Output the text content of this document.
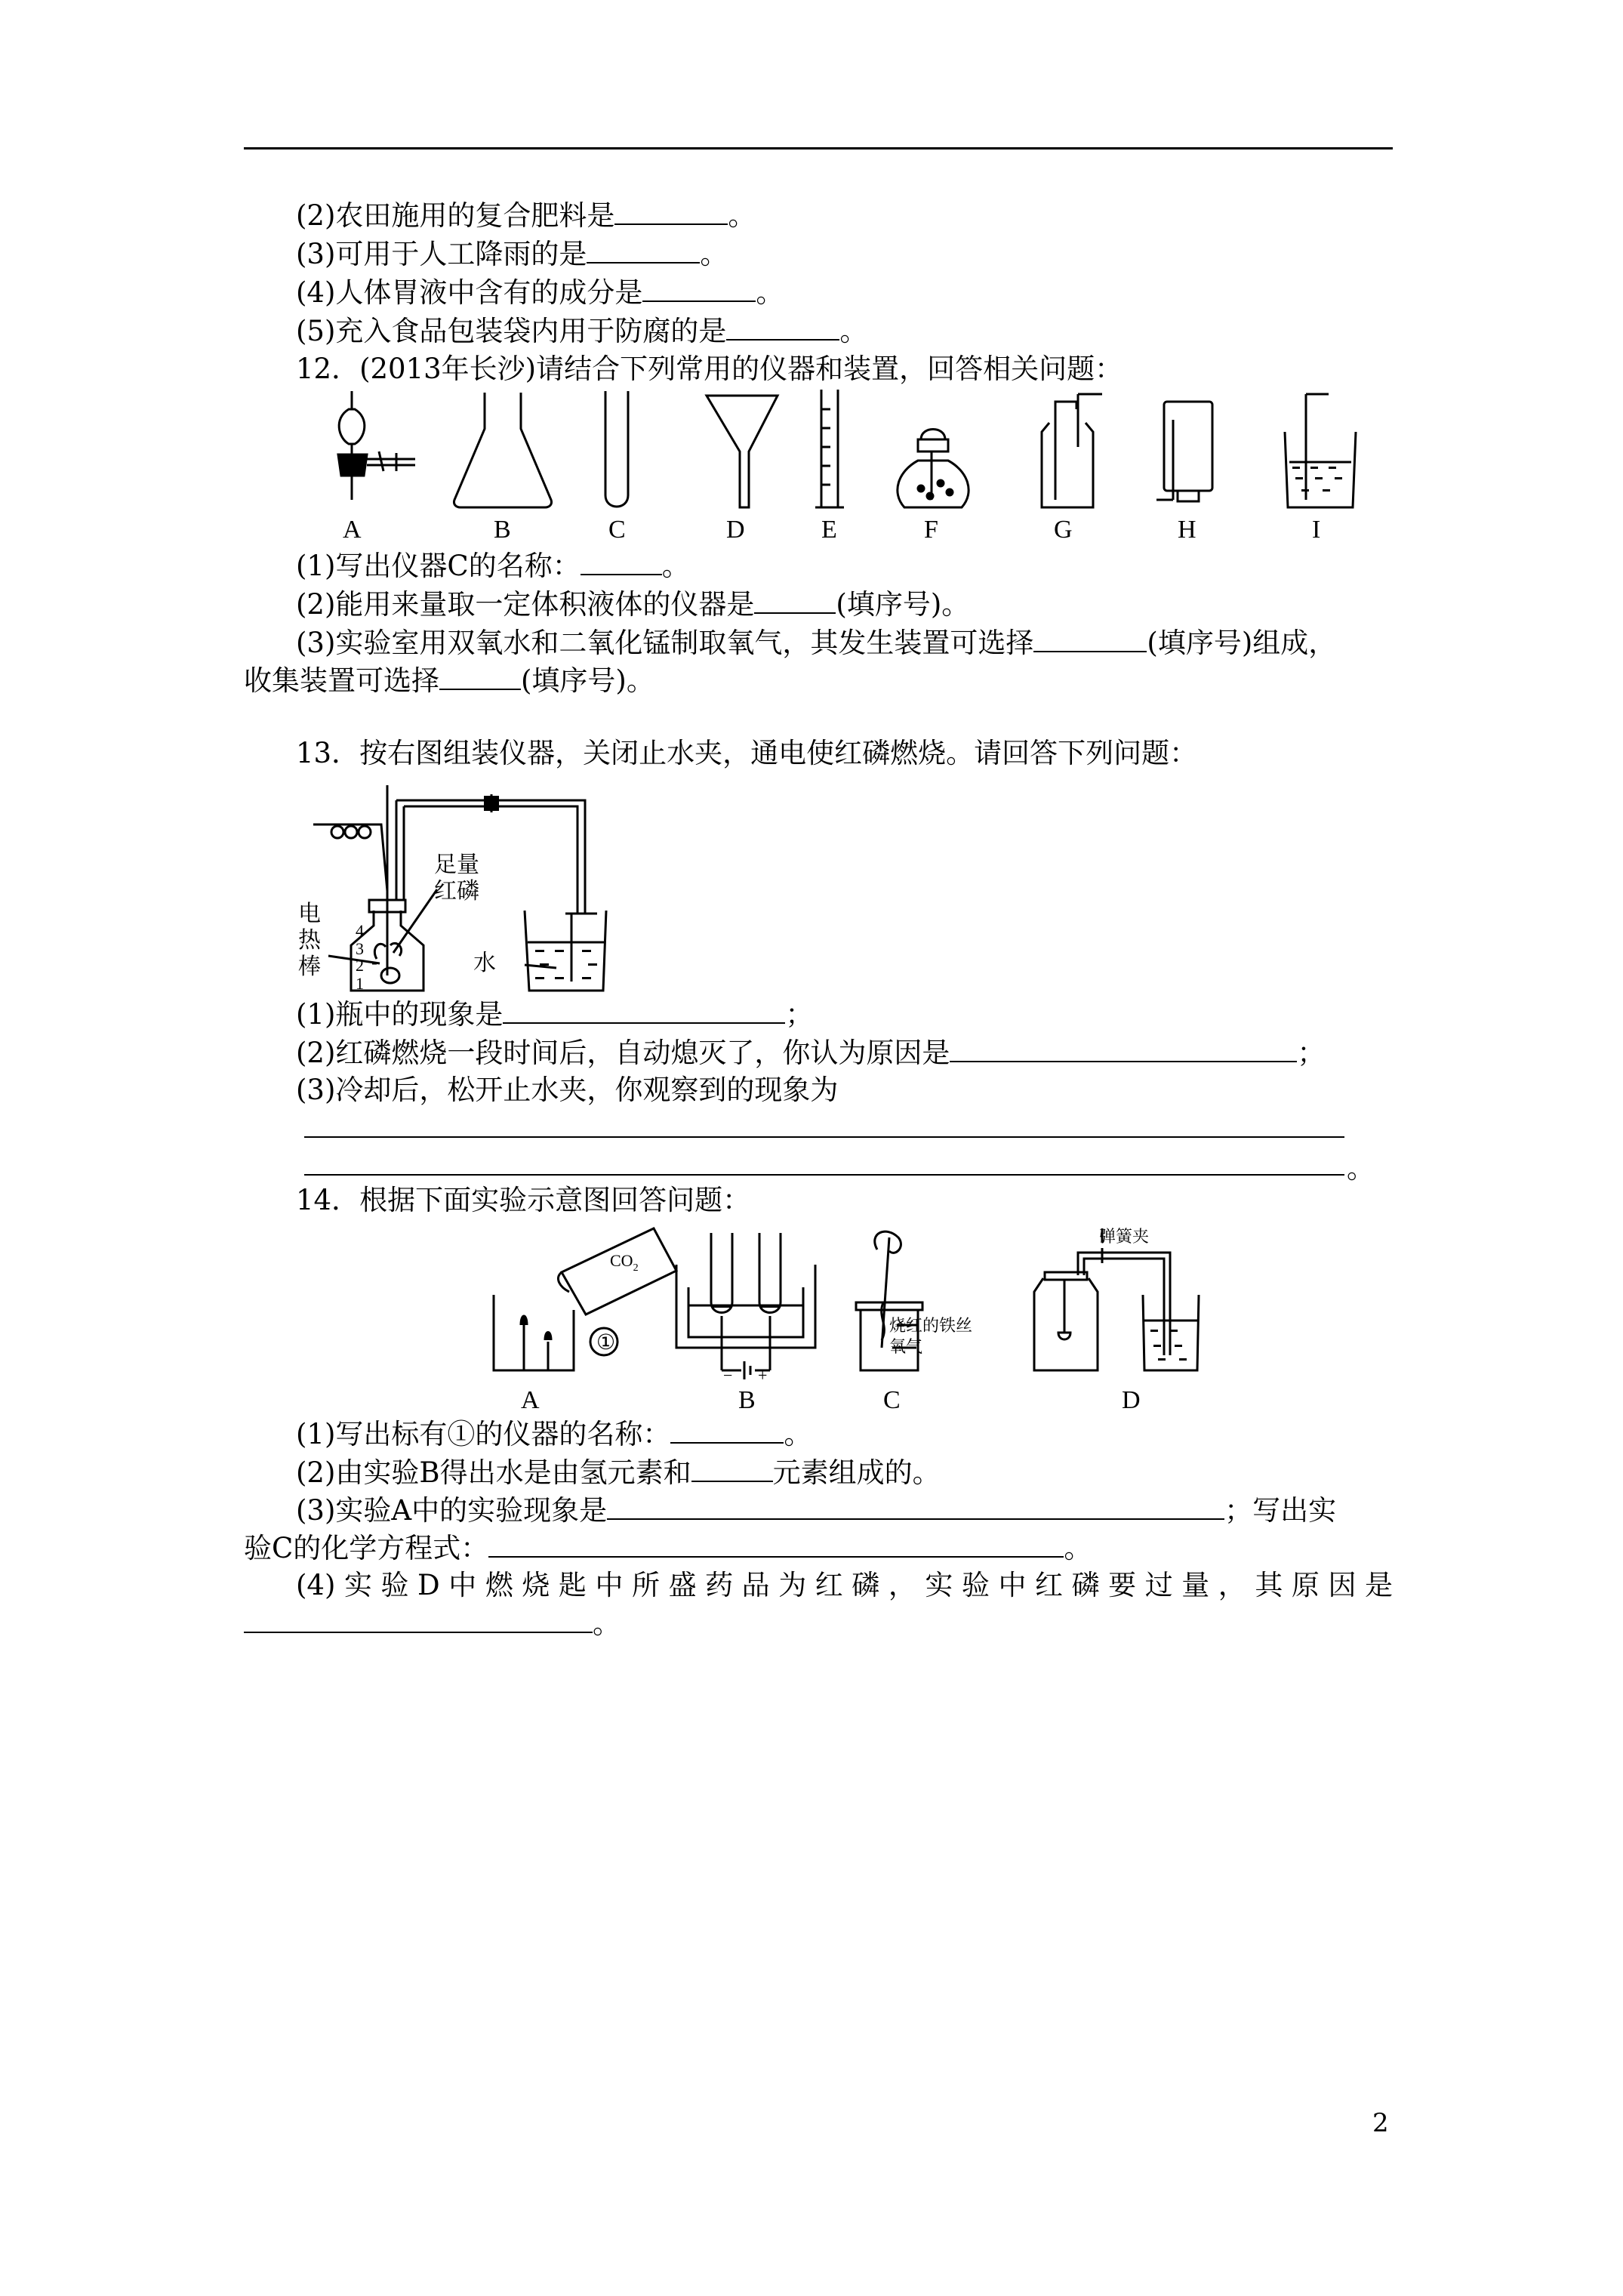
(2)农田施用的复合肥料是	。
(3)可用于人工降雨的是	。
(4)人体胃液中含有的成分是	。
(5)充入食品包装袋内用于防腐的是	。
12．(2013年长沙)请结合下列常用的仪器和装置，回答相关问题：
A	B	C	D	E	F	G	H	I
(1)写出仪器C的名称：	。
(2)能用来量取一定体积液体的仪器是	(填序号)。
(3)实验室用双氧水和二氧化锰制取氧气，其发生装置可选择	(填序号)组成，
收集装置可选择	(填序号)。
13．按右图组装仪器，关闭止水夹，通电使红磷燃烧。请回答下列问题：
电
热
棒
足量
红磷
水
4
3
2
1
(1)瓶中的现象是	；
(2)红磷燃烧一段时间后，自动熄灭了，你认为原因是	；
(3)冷却后，松开止水夹，你观察到的现象为
。
14．根据下面实验示意图回答问题：
$CO_2$
烧红的铁丝
氧气
弹簧夹
− +
①
A	B	C	D
(1)写出标有①的仪器的名称：	。
(2)由实验B得出水是由氢元素和	元素组成的。
(3)实验A中的实验现象是	；写出实
验C的化学方程式：	。
(4)实验D中燃烧匙中所盛药品为红磷，实验中红磷要过量，其原因是
。
2
